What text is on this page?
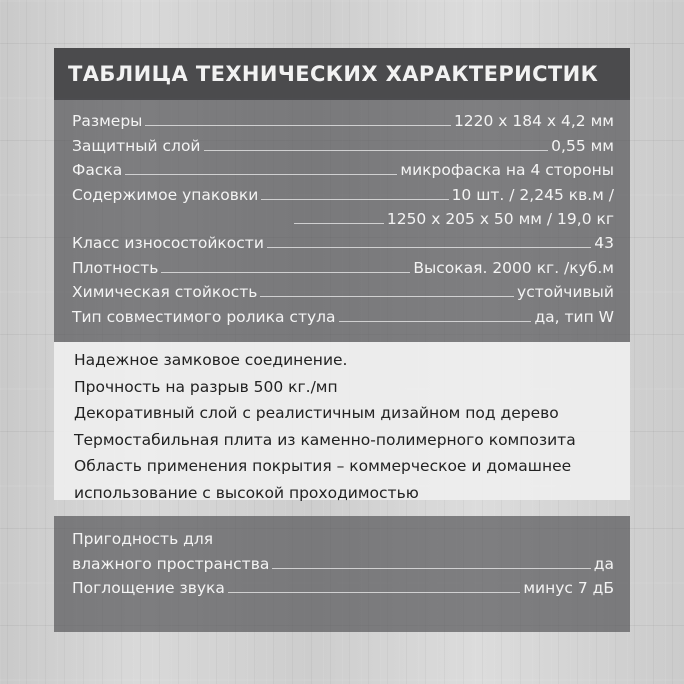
ТАБЛИЦА ТЕХНИЧЕСКИХ ХАРАКТЕРИСТИК
Размеры	1220 х 184 х 4,2 мм
Защитный слой	0,55 мм
Фаска	микрофаска на 4 стороны
Содержимое упаковки	10 шт. / 2,245 кв.м /
1250 х 205 х 50 мм / 19,0 кг
Класс износостойкости	43
Плотность	Высокая. 2000 кг. /куб.м
Химическая стойкость	устойчивый
Тип совместимого ролика стула	да, тип W
Надежное замковое соединение.
Прочность на разрыв 500 кг./мп
Декоративный слой с реалистичным дизайном под дерево
Термостабильная плита из каменно-полимерного композита
Область применения покрытия – коммерческое и домашнее
использование с высокой проходимостью
Пригодность для
влажного пространства	да
Поглощение звука	минус 7 дБ
